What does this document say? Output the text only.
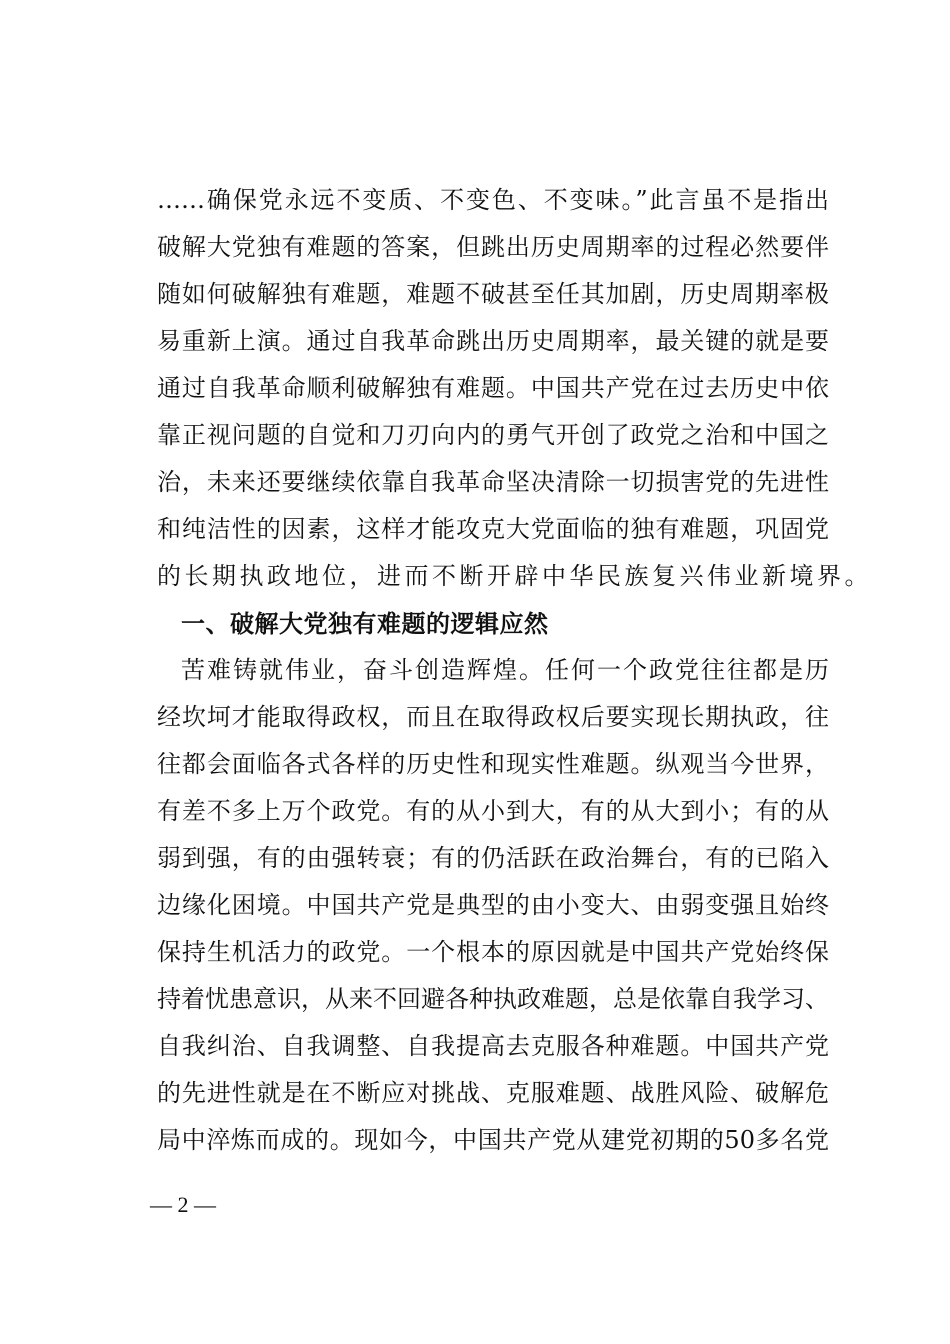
……确保党永远不变质、不变色、不变味。”此言虽不是指出
破解大党独有难题的答案，但跳出历史周期率的过程必然要伴
随如何破解独有难题，难题不破甚至任其加剧，历史周期率极
易重新上演。通过自我革命跳出历史周期率，最关键的就是要
通过自我革命顺利破解独有难题。中国共产党在过去历史中依
靠正视问题的自觉和刀刃向内的勇气开创了政党之治和中国之
治，未来还要继续依靠自我革命坚决清除一切损害党的先进性
和纯洁性的因素，这样才能攻克大党面临的独有难题，巩固党
的长期执政地位，进而不断开辟中华民族复兴伟业新境界。
一、破解大党独有难题的逻辑应然
苦难铸就伟业，奋斗创造辉煌。任何一个政党往往都是历
经坎坷才能取得政权，而且在取得政权后要实现长期执政，往
往都会面临各式各样的历史性和现实性难题。纵观当今世界，
有差不多上万个政党。有的从小到大，有的从大到小；有的从
弱到强，有的由强转衰；有的仍活跃在政治舞台，有的已陷入
边缘化困境。中国共产党是典型的由小变大、由弱变强且始终
保持生机活力的政党。一个根本的原因就是中国共产党始终保
持着忧患意识，从来不回避各种执政难题，总是依靠自我学习、
自我纠治、自我调整、自我提高去克服各种难题。中国共产党
的先进性就是在不断应对挑战、克服难题、战胜风险、破解危
局中淬炼而成的。现如今，中国共产党从建党初期的50多名党
— 2 —
